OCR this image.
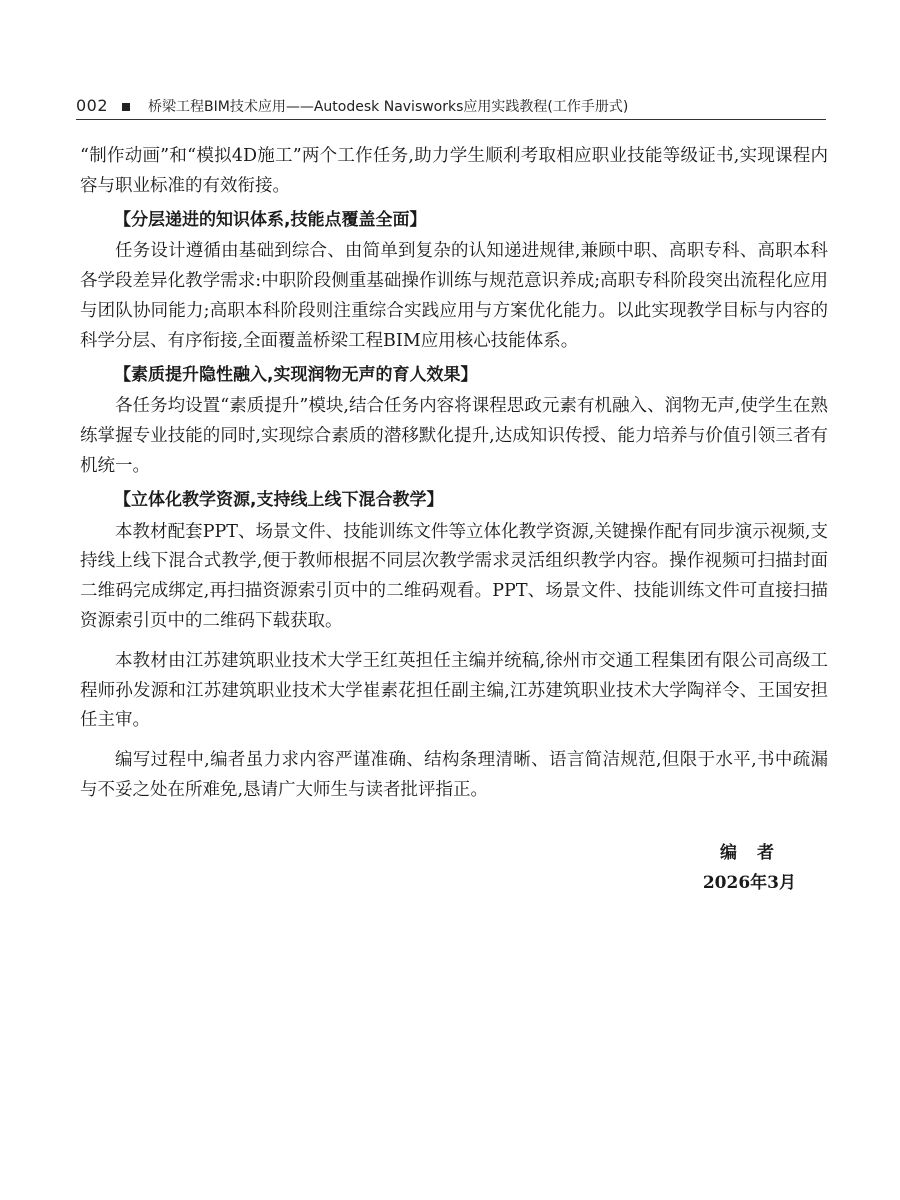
002	桥梁工程BIM技术应用——Autodesk Navisworks应用实践教程(工作手册式)

“制作动画”和“模拟4D施工”两个工作任务,助力学生顺利考取相应职业技能等级证书,实现课程内容与职业标准的有效衔接。

【分层递进的知识体系,技能点覆盖全面】

任务设计遵循由基础到综合、由简单到复杂的认知递进规律,兼顾中职、高职专科、高职本科各学段差异化教学需求:中职阶段侧重基础操作训练与规范意识养成;高职专科阶段突出流程化应用与团队协同能力;高职本科阶段则注重综合实践应用与方案优化能力。以此实现教学目标与内容的科学分层、有序衔接,全面覆盖桥梁工程BIM应用核心技能体系。

【素质提升隐性融入,实现润物无声的育人效果】

各任务均设置“素质提升”模块,结合任务内容将课程思政元素有机融入、润物无声,使学生在熟练掌握专业技能的同时,实现综合素质的潜移默化提升,达成知识传授、能力培养与价值引领三者有机统一。

【立体化教学资源,支持线上线下混合教学】

本教材配套PPT、场景文件、技能训练文件等立体化教学资源,关键操作配有同步演示视频,支持线上线下混合式教学,便于教师根据不同层次教学需求灵活组织教学内容。操作视频可扫描封面二维码完成绑定,再扫描资源索引页中的二维码观看。PPT、场景文件、技能训练文件可直接扫描资源索引页中的二维码下载获取。

本教材由江苏建筑职业技术大学王红英担任主编并统稿,徐州市交通工程集团有限公司高级工程师孙发源和江苏建筑职业技术大学崔素花担任副主编,江苏建筑职业技术大学陶祥令、王国安担任主审。

编写过程中,编者虽力求内容严谨准确、结构条理清晰、语言简洁规范,但限于水平,书中疏漏与不妥之处在所难免,恳请广大师生与读者批评指正。

编者
2026年3月
